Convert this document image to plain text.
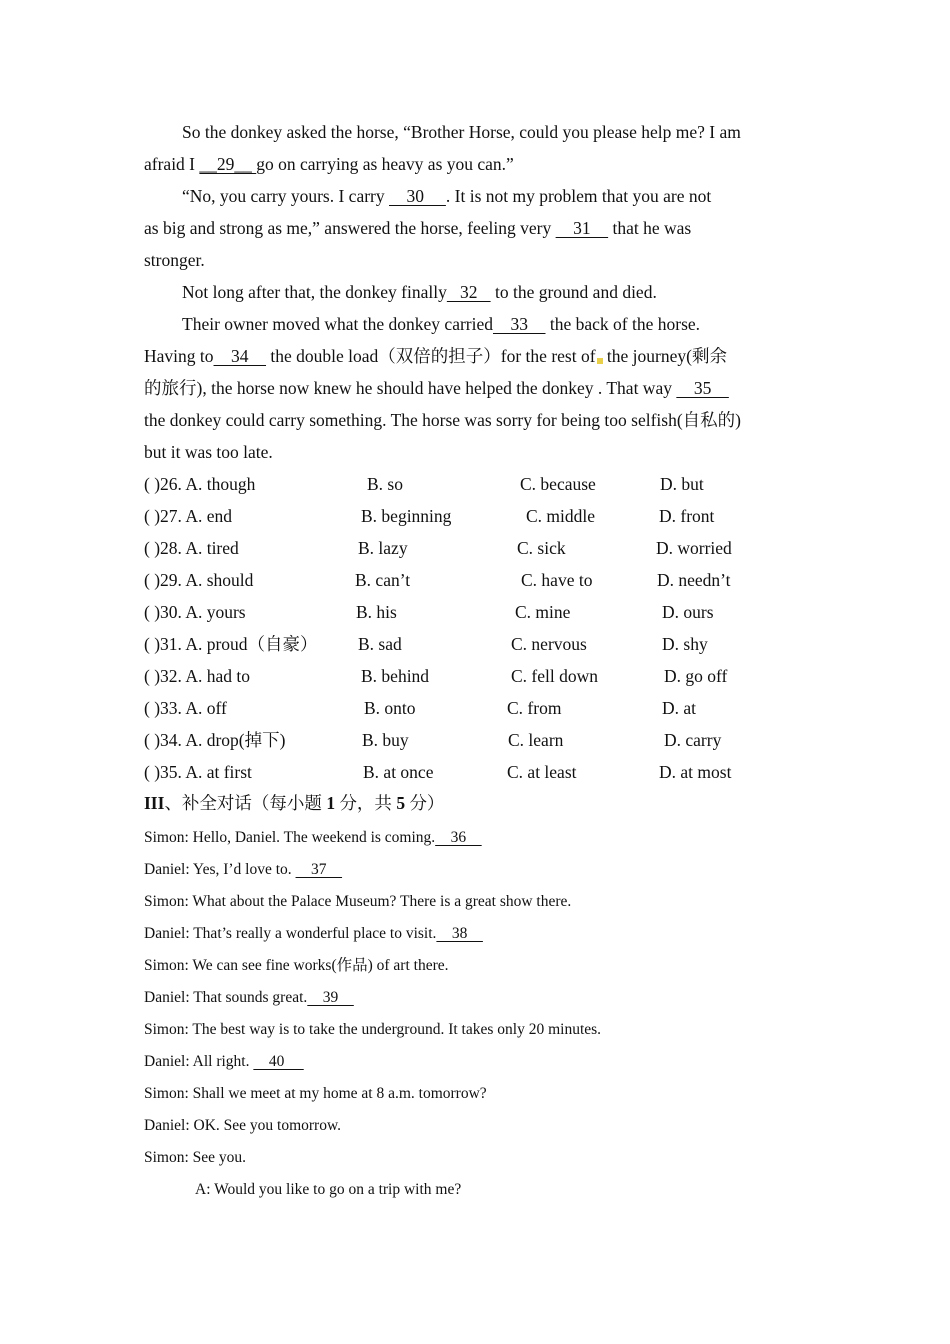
So the donkey asked the horse, “Brother Horse, could you please help me? I am
afraid I __29__ go on carrying as heavy as you can.”
“No, you carry yours. I carry     30     . It is not my problem that you are not
as big and strong as me,” answered the horse, feeling very     31     that he was
stronger.
Not long after that, the donkey finally   32    to the ground and died.
Their owner moved what the donkey carried    33     the back of the horse.
Having to    34     the double load（双倍的担子）for the rest of the journey(剩余
的旅行), the horse now knew he should have helped the donkey . That way     35
the donkey could carry something. The horse was sorry for being too selfish(自私的)
but it was too late.
( )26. A. though	B. so	C. because	D. but
( )27. A. end	B. beginning	C. middle	D. front
( )28. A. tired	B. lazy	C. sick	D. worried
( )29. A. should	B. can’t	C. have to	D. needn’t
( )30. A. yours	B. his	C. mine	D. ours
( )31. A. proud（自豪） B. sad	C. nervous	D. shy
( )32. A. had to	B. behind	C. fell down	D. go off
( )33. A. off	B. onto	C. from	D. at
( )34. A. drop(掉下)	B. buy	C. learn	D. carry
( )35. A. at first	B. at once	C. at least	D. at most
III、补全对话（每小题 1 分，共 5 分）
Simon: Hello, Daniel. The weekend is coming.    36
Daniel: Yes, I’d love to.     37
Simon: What about the Palace Museum? There is a great show there.
Daniel: That’s really a wonderful place to visit.    38
Simon: We can see fine works(作品) of art there.
Daniel: That sounds great.    39
Simon: The best way is to take the underground. It takes only 20 minutes.
Daniel: All right.     40
Simon: Shall we meet at my home at 8 a.m. tomorrow?
Daniel: OK. See you tomorrow.
Simon: See you.
A: Would you like to go on a trip with me?
